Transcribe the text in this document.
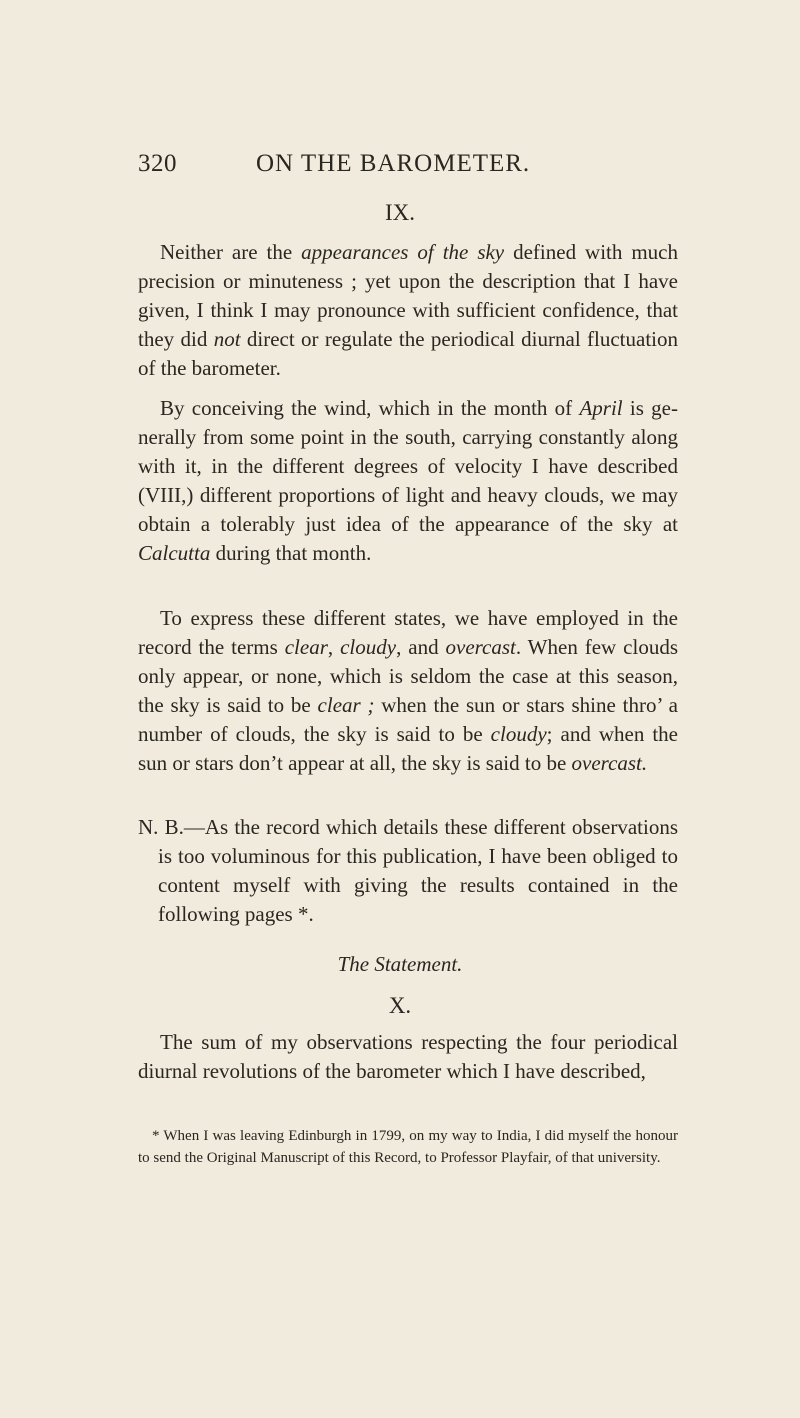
320	ON THE BAROMETER.
IX.

Neither are the appearances of the sky defined with much precision or minuteness ; yet upon the description that I have given, I think I may pronounce with sufficient confidence, that they did not direct or regulate the periodical diurnal fluctuation of the barometer.

By conceiving the wind, which in the month of April is generally from some point in the south, carrying constantly along with it, in the different degrees of velocity I have described (VIII,) different proportions of light and heavy clouds, we may obtain a tolerably just idea of the appearance of the sky at Calcutta during that month.

To express these different states, we have employed in the record the terms clear, cloudy, and overcast. When few clouds only appear, or none, which is seldom the case at this season, the sky is said to be clear ; when the sun or stars shine thro’ a number of clouds, the sky is said to be cloudy; and when the sun or stars don’t appear at all, the sky is said to be overcast.

N. B.—As the record which details these different observations is too voluminous for this publication, I have been obliged to content myself with giving the results contained in the following pages *.

The Statement.
X.

The sum of my observations respecting the four periodical diurnal revolutions of the barometer which I have described,

* When I was leaving Edinburgh in 1799, on my way to India, I did myself the honour to send the Original Manuscript of this Record, to Professor Playfair, of that university.
